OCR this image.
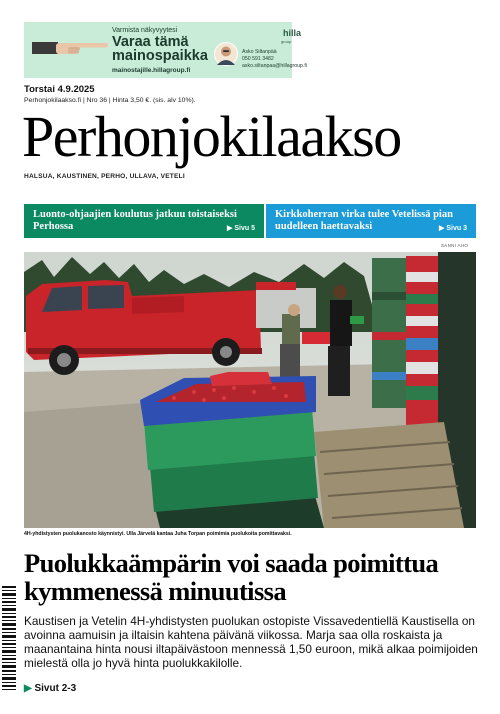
Varmista näkyvyytesi
Varaa tämä mainospaikka
mainostajille.hillagroup.fi
hilla
group
Asko Siltanpää
050 591 3482
asko.siltanpaa@hillagroup.fi
Torstai 4.9.2025
Perhonjokilaakso.fi | Nro 36 | Hinta 3,50 €. (sis. alv 10%).
Perhonjokilaakso
HALSUA, KAUSTINEN, PERHO, ULLAVA, VETELI
Luonto-ohjaajien koulutus jatkuu toistaiseksi Perhossa	▶ Sivu 5
Kirkkoherran virka tulee Vetelissä pian uudelleen haettavaksi	▶ Sivu 3
SANNI AHO
4H-yhdistysten puolukanosto käynnistyi. Ulla Järvelä kantaa Juha Torpan poimimia puolukoita pomittavaksi.
Puolukkaämpärin voi saada poimittua kymmenessä minuutissa
Kaustisen ja Vetelin 4H-yhdistysten puolukan ostopiste Vissavedentiellä Kaustisella on avoinna aamuisin ja iltaisin kahtena päivänä viikossa. Marja saa olla roskaista ja maanantaina hinta nousi iltapäivästoon mennessä 1,50 euroon, mikä alkaa poimijoiden mielestä olla jo hyvä hinta puolukkakilolle.
▶ Sivut 2-3
